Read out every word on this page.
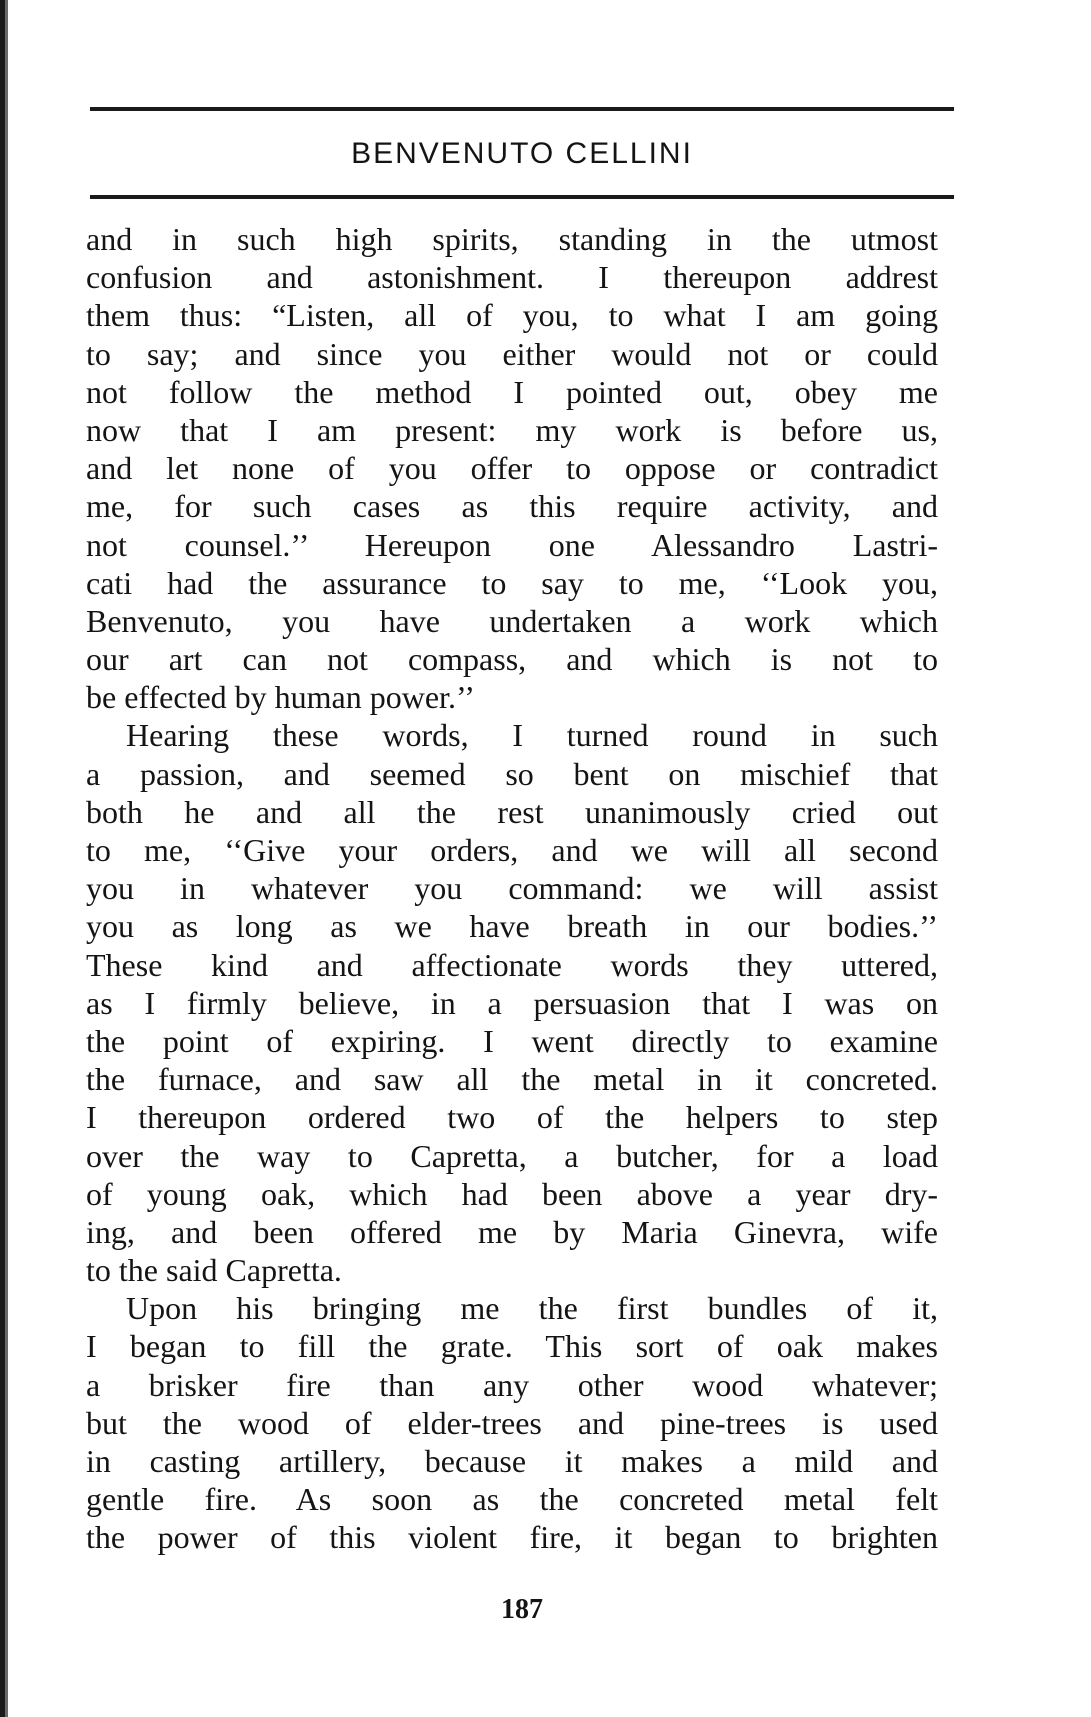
BENVENUTO CELLINI
and in such high spirits, standing in the utmost
confusion and astonishment. I thereupon addrest
them thus: “Listen, all of you, to what I am going
to say; and since you either would not or could
not follow the method I pointed out, obey me
now that I am present: my work is before us,
and let none of you offer to oppose or contradict
me, for such cases as this require activity, and
not counsel.’’ Hereupon one Alessandro Lastri-
cati had the assurance to say to me, ‘‘Look you,
Benvenuto, you have undertaken a work which
our art can not compass, and which is not to
be effected by human power.’’
Hearing these words, I turned round in such
a passion, and seemed so bent on mischief that
both he and all the rest unanimously cried out
to me, ‘‘Give your orders, and we will all second
you in whatever you command: we will assist
you as long as we have breath in our bodies.’’
These kind and affectionate words they uttered,
as I firmly believe, in a persuasion that I was on
the point of expiring. I went directly to examine
the furnace, and saw all the metal in it concreted.
I thereupon ordered two of the helpers to step
over the way to Capretta, a butcher, for a load
of young oak, which had been above a year dry-
ing, and been offered me by Maria Ginevra, wife
to the said Capretta.
Upon his bringing me the first bundles of it,
I began to fill the grate. This sort of oak makes
a brisker fire than any other wood whatever;
but the wood of elder-trees and pine-trees is used
in casting artillery, because it makes a mild and
gentle fire. As soon as the concreted metal felt
the power of this violent fire, it began to brighten
187
